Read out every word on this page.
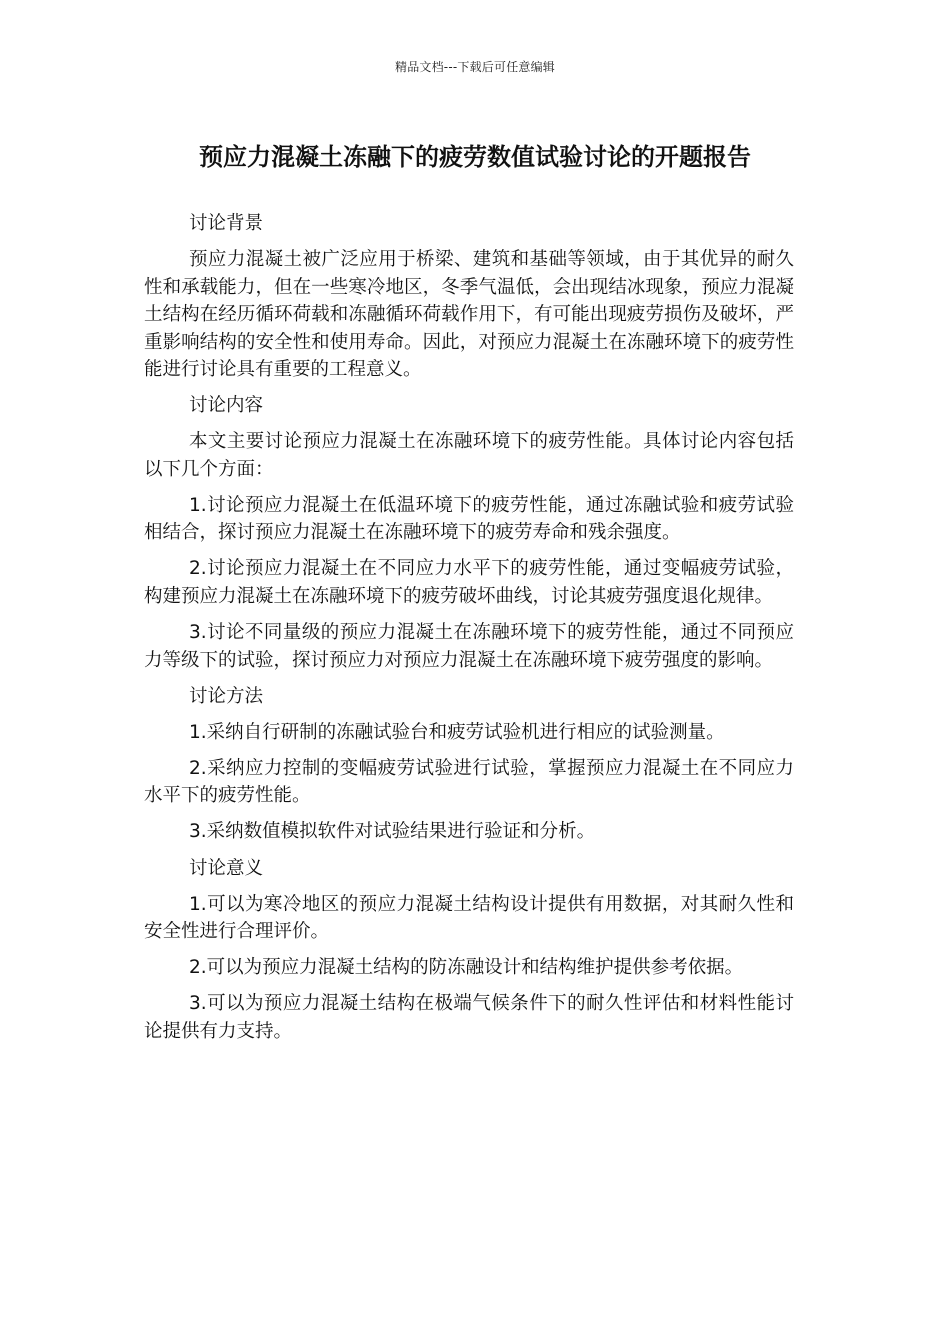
精品文档---下载后可任意编辑
预应力混凝土冻融下的疲劳数值试验讨论的开题报告
讨论背景

预应力混凝土被广泛应用于桥梁、建筑和基础等领域，由于其优异的耐久性和承载能力，但在一些寒冷地区，冬季气温低，会出现结冰现象，预应力混凝土结构在经历循环荷载和冻融循环荷载作用下，有可能出现疲劳损伤及破坏，严重影响结构的安全性和使用寿命。因此，对预应力混凝土在冻融环境下的疲劳性能进行讨论具有重要的工程意义。

讨论内容

本文主要讨论预应力混凝土在冻融环境下的疲劳性能。具体讨论内容包括以下几个方面：

1.讨论预应力混凝土在低温环境下的疲劳性能，通过冻融试验和疲劳试验相结合，探讨预应力混凝土在冻融环境下的疲劳寿命和残余强度。

2.讨论预应力混凝土在不同应力水平下的疲劳性能，通过变幅疲劳试验，构建预应力混凝土在冻融环境下的疲劳破坏曲线，讨论其疲劳强度退化规律。

3.讨论不同量级的预应力混凝土在冻融环境下的疲劳性能，通过不同预应力等级下的试验，探讨预应力对预应力混凝土在冻融环境下疲劳强度的影响。

讨论方法

1.采纳自行研制的冻融试验台和疲劳试验机进行相应的试验测量。

2.采纳应力控制的变幅疲劳试验进行试验，掌握预应力混凝土在不同应力水平下的疲劳性能。

3.采纳数值模拟软件对试验结果进行验证和分析。

讨论意义

1.可以为寒冷地区的预应力混凝土结构设计提供有用数据，对其耐久性和安全性进行合理评价。

2.可以为预应力混凝土结构的防冻融设计和结构维护提供参考依据。

3.可以为预应力混凝土结构在极端气候条件下的耐久性评估和材料性能讨论提供有力支持。
